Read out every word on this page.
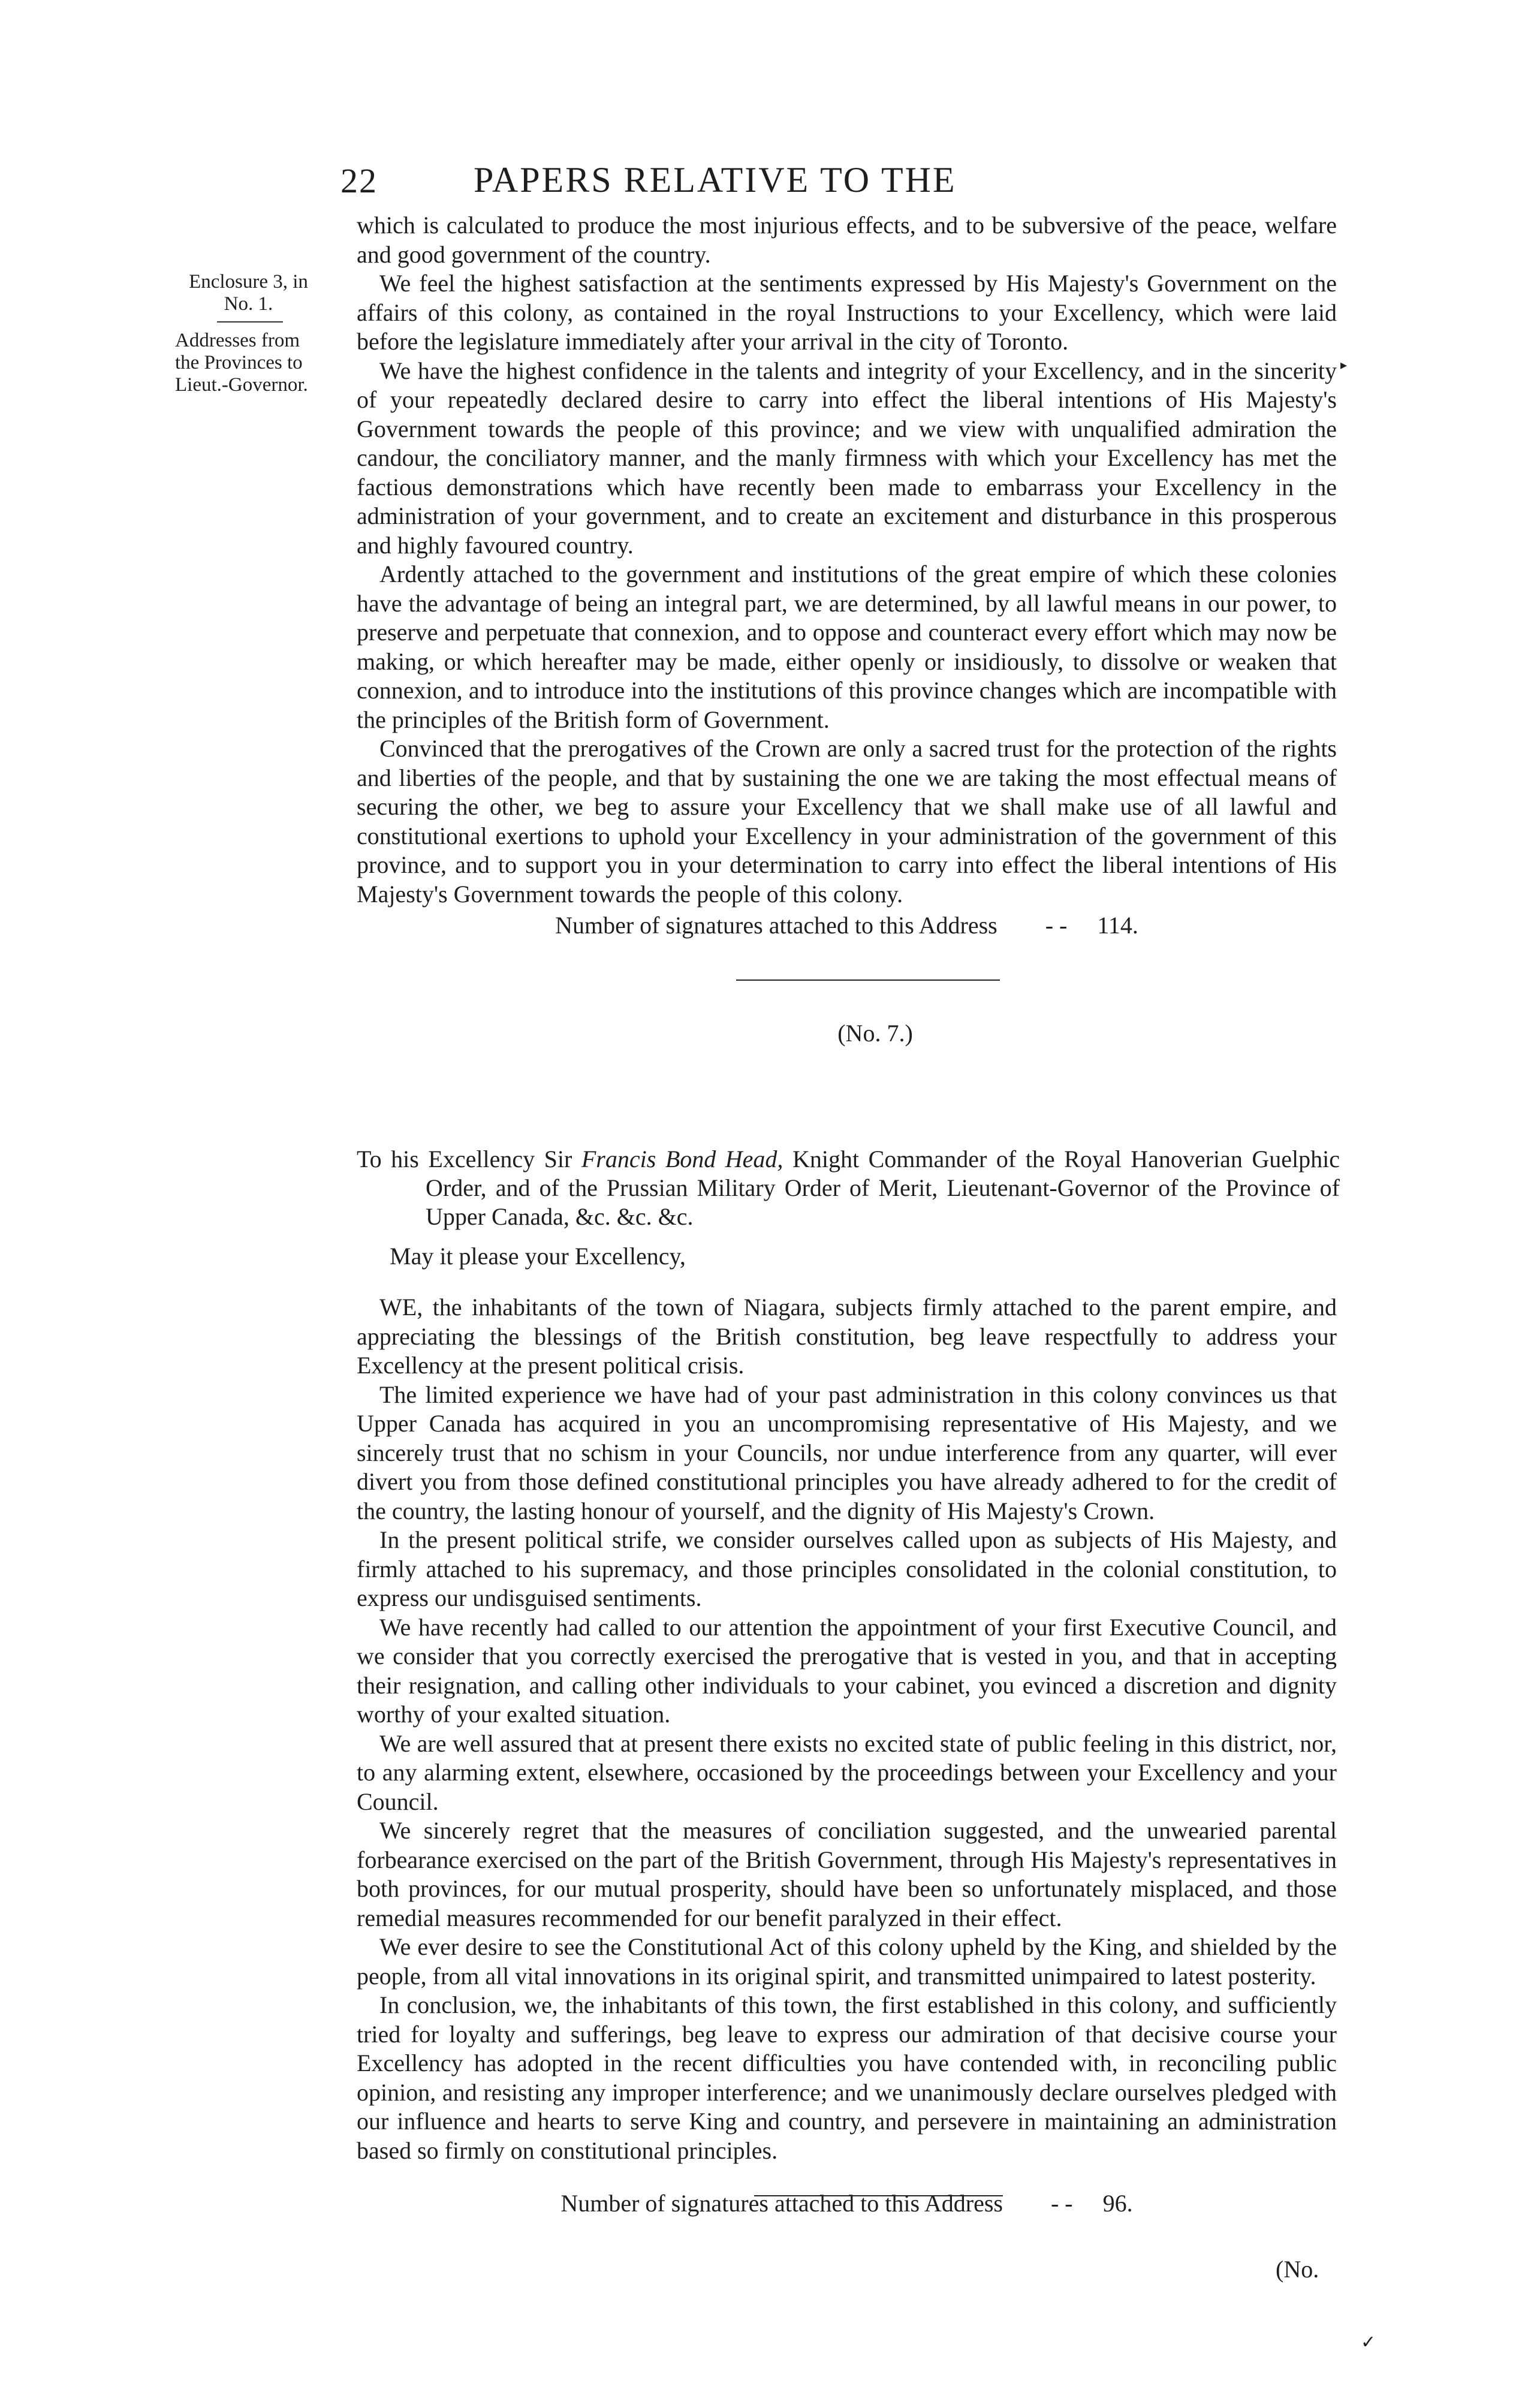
22	PAPERS RELATIVE TO THE
Enclosure 3, in
No. 1.
Addresses from the Provinces to Lieut.-Governor.
▸

which is calculated to produce the most injurious effects, and to be subversive of the peace, welfare and good government of the country.

We feel the highest satisfaction at the sentiments expressed by His Majesty's Government on the affairs of this colony, as contained in the royal Instructions to your Excellency, which were laid before the legislature immediately after your arrival in the city of Toronto.

We have the highest confidence in the talents and integrity of your Excellency, and in the sincerity of your repeatedly declared desire to carry into effect the liberal intentions of His Majesty's Government towards the people of this province; and we view with unqualified admiration the candour, the conciliatory manner, and the manly firmness with which your Excellency has met the factious demonstrations which have recently been made to embarrass your Excellency in the administration of your government, and to create an excitement and disturbance in this prosperous and highly favoured country.

Ardently attached to the government and institutions of the great empire of which these colonies have the advantage of being an integral part, we are determined, by all lawful means in our power, to preserve and perpetuate that connexion, and to oppose and counteract every effort which may now be making, or which hereafter may be made, either openly or insidiously, to dissolve or weaken that connexion, and to introduce into the institutions of this province changes which are incompatible with the principles of the British form of Government.

Convinced that the prerogatives of the Crown are only a sacred trust for the protection of the rights and liberties of the people, and that by sustaining the one we are taking the most effectual means of securing the other, we beg to assure your Excellency that we shall make use of all lawful and constitutional exertions to uphold your Excellency in your administration of the government of this province, and to support you in your determination to carry into effect the liberal intentions of His Majesty's Government towards the people of this colony.

Number of signatures attached to this Address - - 114.

(No. 7.)

To his Excellency Sir Francis Bond Head, Knight Commander of the Royal Hanoverian Guelphic Order, and of the Prussian Military Order of Merit, Lieutenant-Governor of the Province of Upper Canada, &c. &c. &c.

May it please your Excellency,

WE, the inhabitants of the town of Niagara, subjects firmly attached to the parent empire, and appreciating the blessings of the British constitution, beg leave respectfully to address your Excellency at the present political crisis.

The limited experience we have had of your past administration in this colony convinces us that Upper Canada has acquired in you an uncompromising representative of His Majesty, and we sincerely trust that no schism in your Councils, nor undue interference from any quarter, will ever divert you from those defined constitutional principles you have already adhered to for the credit of the country, the lasting honour of yourself, and the dignity of His Majesty's Crown.

In the present political strife, we consider ourselves called upon as subjects of His Majesty, and firmly attached to his supremacy, and those principles consolidated in the colonial constitution, to express our undisguised sentiments.

We have recently had called to our attention the appointment of your first Executive Council, and we consider that you correctly exercised the prerogative that is vested in you, and that in accepting their resignation, and calling other individuals to your cabinet, you evinced a discretion and dignity worthy of your exalted situation.

We are well assured that at present there exists no excited state of public feeling in this district, nor, to any alarming extent, elsewhere, occasioned by the proceedings between your Excellency and your Council.

We sincerely regret that the measures of conciliation suggested, and the unwearied parental forbearance exercised on the part of the British Government, through His Majesty's representatives in both provinces, for our mutual prosperity, should have been so unfortunately misplaced, and those remedial measures recommended for our benefit paralyzed in their effect.

We ever desire to see the Constitutional Act of this colony upheld by the King, and shielded by the people, from all vital innovations in its original spirit, and transmitted unimpaired to latest posterity.

In conclusion, we, the inhabitants of this town, the first established in this colony, and sufficiently tried for loyalty and sufferings, beg leave to express our admiration of that decisive course your Excellency has adopted in the recent difficulties you have contended with, in reconciling public opinion, and resisting any improper interference; and we unanimously declare ourselves pledged with our influence and hearts to serve King and country, and persevere in maintaining an administration based so firmly on constitutional principles.

Number of signatures attached to this Address - - 96.

(No.
✓
